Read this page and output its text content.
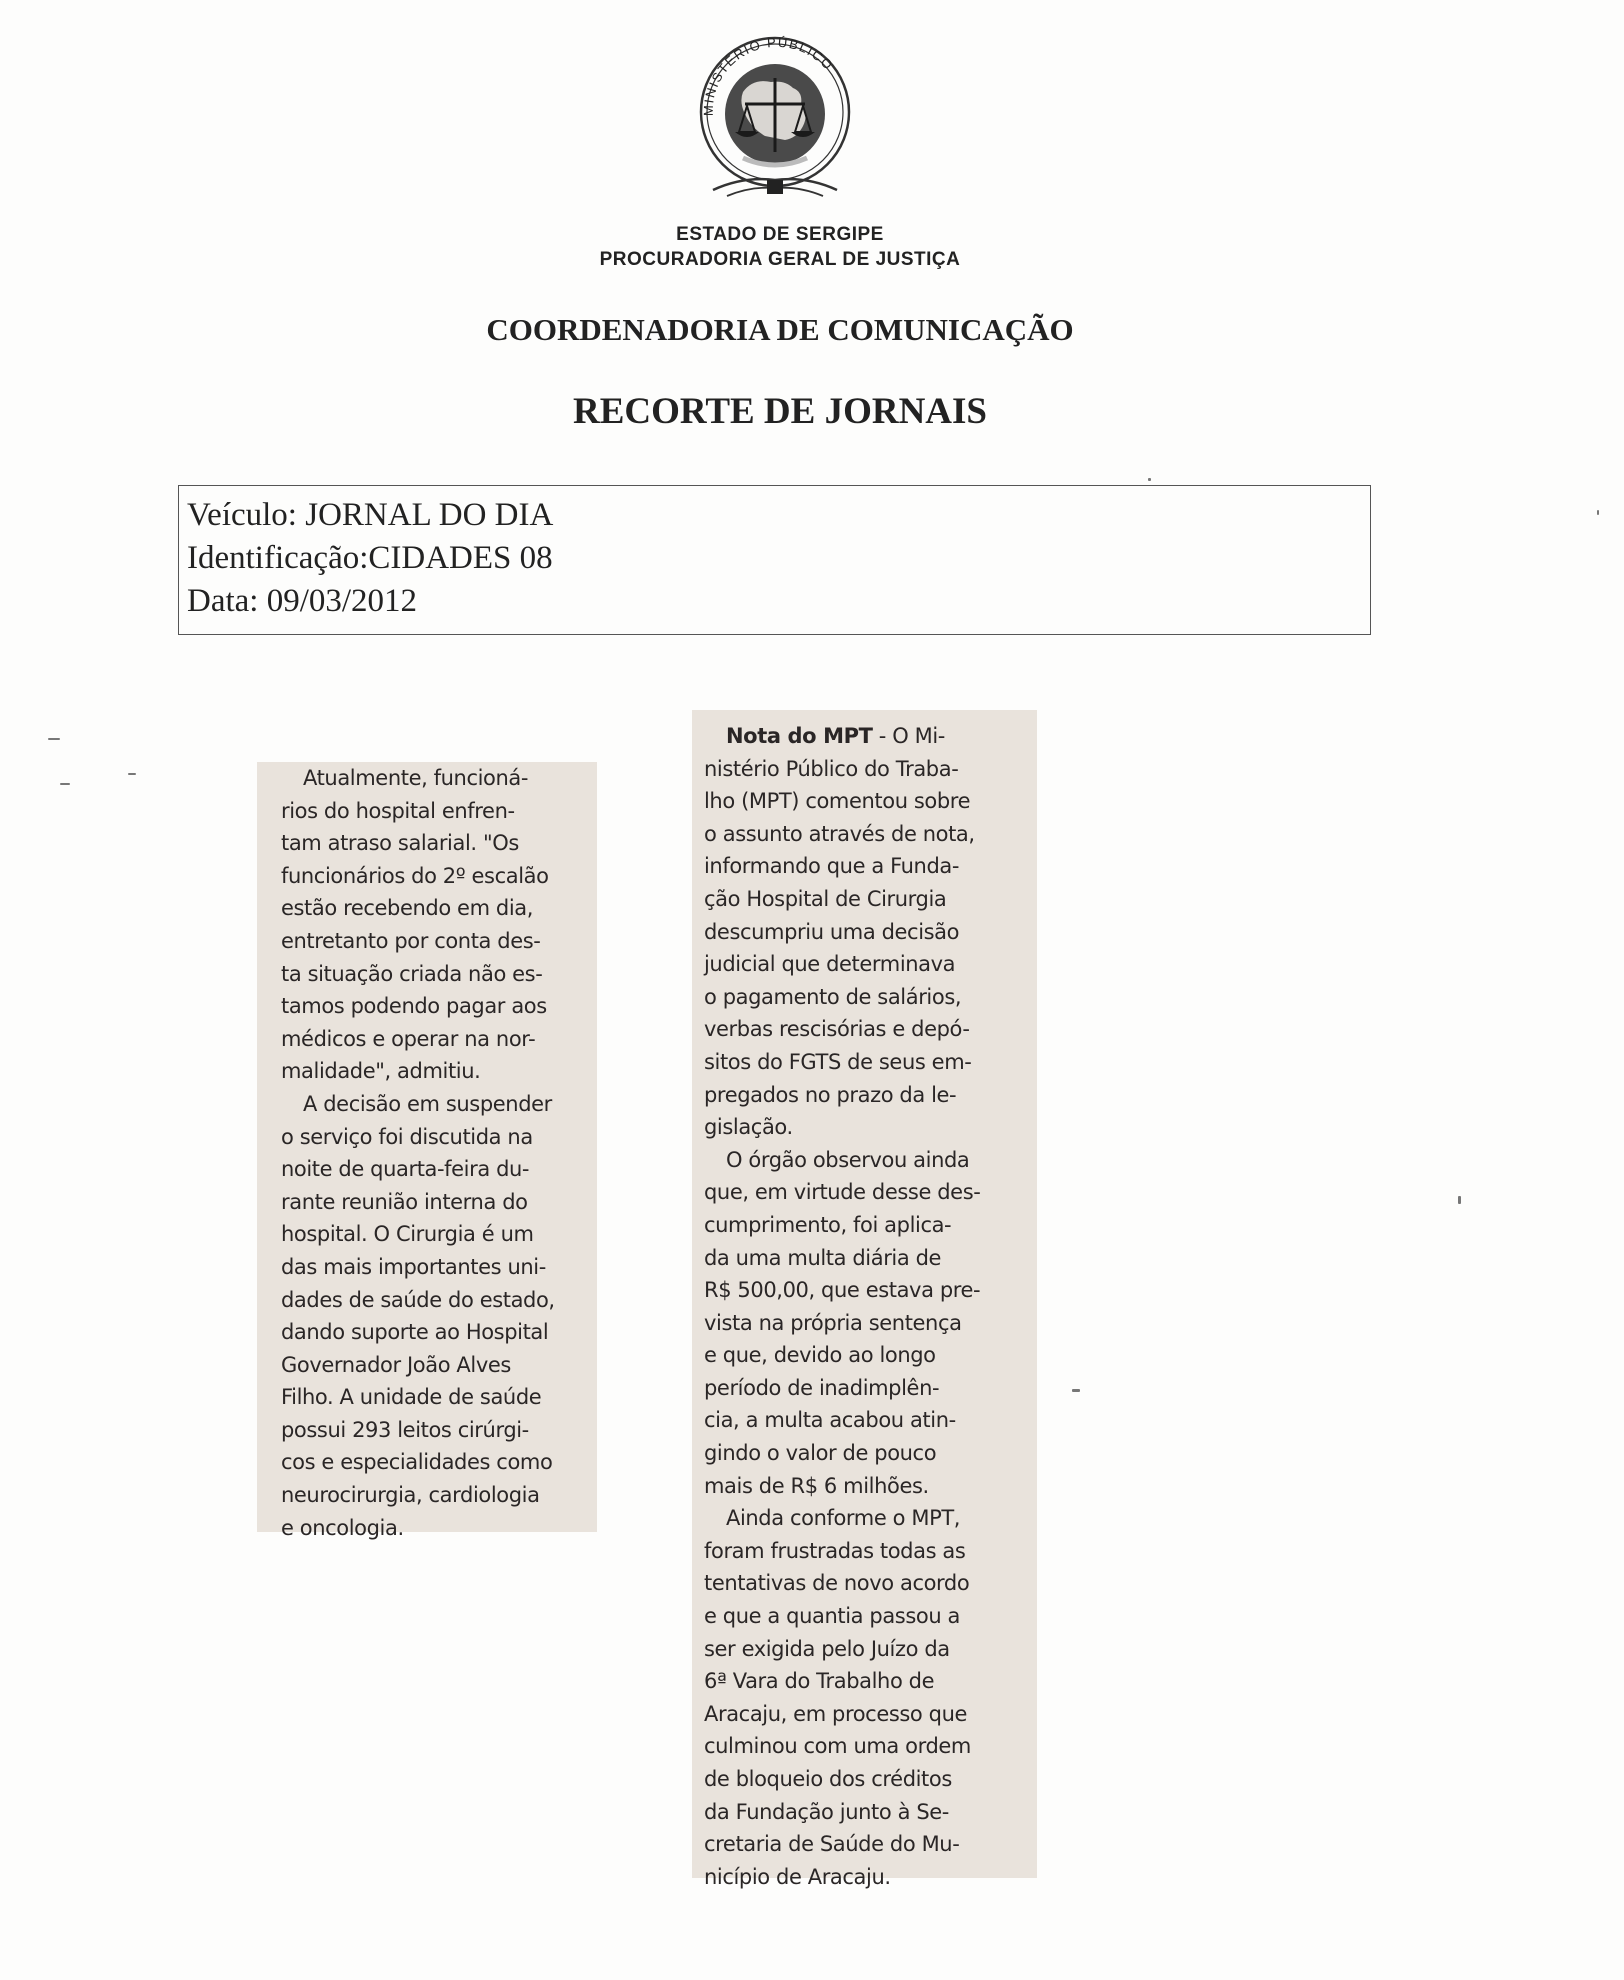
MINISTÉRIO PÚBLICO
ESTADO DE SERGIPE
PROCURADORIA GERAL DE JUSTIÇA
COORDENADORIA DE COMUNICAÇÃO
RECORTE DE JORNAIS
Veículo: JORNAL DO DIA
Identificação:CIDADES 08
Data: 09/03/2012
Atualmente, funcioná-
rios do hospital enfren-
tam atraso salarial. "Os
funcionários do 2º escalão
estão recebendo em dia,
entretanto por conta des-
ta situação criada não es-
tamos podendo pagar aos
médicos e operar na nor-
malidade", admitiu.
A decisão em suspender
o serviço foi discutida na
noite de quarta-feira du-
rante reunião interna do
hospital. O Cirurgia é um
das mais importantes uni-
dades de saúde do estado,
dando suporte ao Hospital
Governador João Alves
Filho. A unidade de saúde
possui 293 leitos cirúrgi-
cos e especialidades como
neurocirurgia, cardiologia
e oncologia.
Nota do MPT - O Mi-
nistério Público do Traba-
lho (MPT) comentou sobre
o assunto através de nota,
informando que a Funda-
ção Hospital de Cirurgia
descumpriu uma decisão
judicial que determinava
o pagamento de salários,
verbas rescisórias e depó-
sitos do FGTS de seus em-
pregados no prazo da le-
gislação.
O órgão observou ainda
que, em virtude desse des-
cumprimento, foi aplica-
da uma multa diária de
R$ 500,00, que estava pre-
vista na própria sentença
e que, devido ao longo
período de inadimplên-
cia, a multa acabou atin-
gindo o valor de pouco
mais de R$ 6 milhões.
Ainda conforme o MPT,
foram frustradas todas as
tentativas de novo acordo
e que a quantia passou a
ser exigida pelo Juízo da
6ª Vara do Trabalho de
Aracaju, em processo que
culminou com uma ordem
de bloqueio dos créditos
da Fundação junto à Se-
cretaria de Saúde do Mu-
nicípio de Aracaju.
